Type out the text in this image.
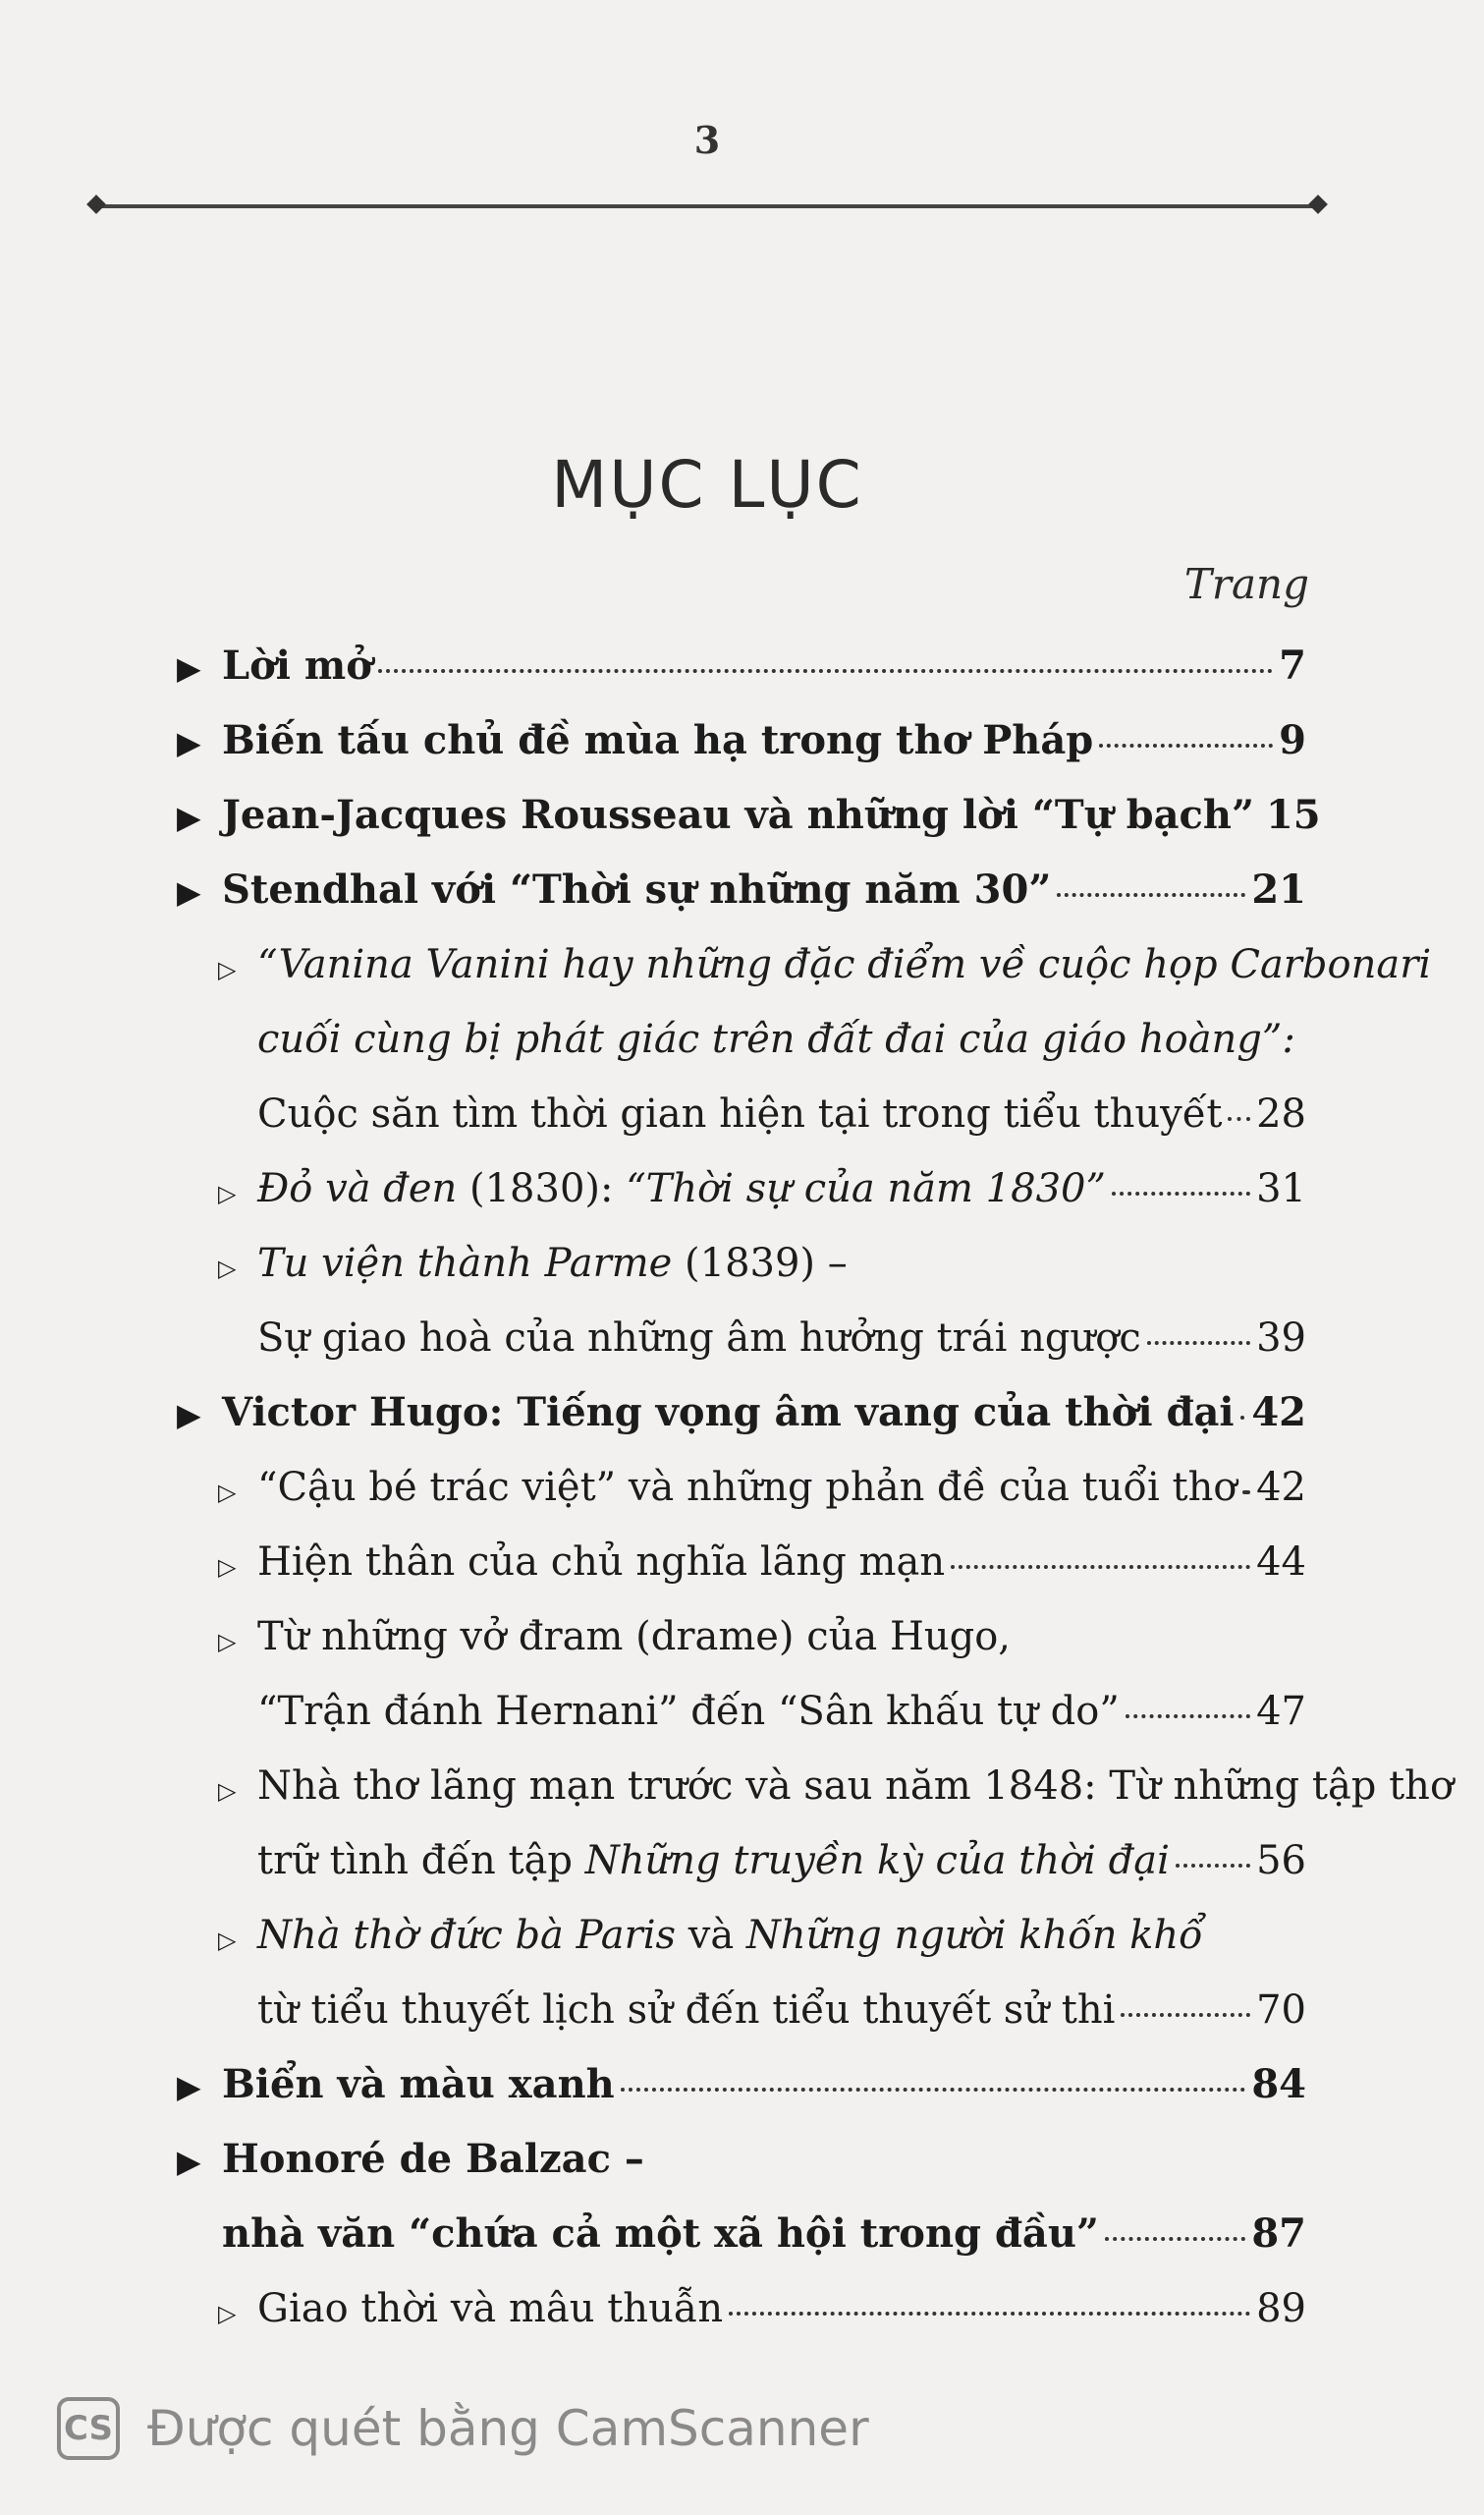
3
MỤC LỤC
Trang
▶ Lời mở	7
▶ Biến tấu chủ đề mùa hạ trong thơ Pháp	9
▶ Jean-Jacques Rousseau và những lời “Tự bạch” 15
▶ Stendhal với “Thời sự những năm 30”	21
▷ “Vanina Vanini hay những đặc điểm về cuộc họp Carbonari
cuối cùng bị phát giác trên đất đai của giáo hoàng”:
Cuộc săn tìm thời gian hiện tại trong tiểu thuyết 28
▷ Đỏ và đen (1830): “Thời sự của năm 1830”	31
▷ Tu viện thành Parme (1839) –
Sự giao hoà của những âm hưởng trái ngược	39
▶ Victor Hugo: Tiếng vọng âm vang của thời đại 42
▷ “Cậu bé trác việt” và những phản đề của tuổi thơ 42
▷ Hiện thân của chủ nghĩa lãng mạn	44
▷ Từ những vở đram (drame) của Hugo,
“Trận đánh Hernani” đến “Sân khấu tự do”	47
▷ Nhà thơ lãng mạn trước và sau năm 1848: Từ những tập thơ
trữ tình đến tập Những truyền kỳ của thời đại 56
▷ Nhà thờ đức bà Paris và Những người khốn khổ
từ tiểu thuyết lịch sử đến tiểu thuyết sử thi	70
▶ Biển và màu xanh	84
▶ Honoré de Balzac –
nhà văn “chứa cả một xã hội trong đầu”	87
▷ Giao thời và mâu thuẫn	89
CS Được quét bằng CamScanner
